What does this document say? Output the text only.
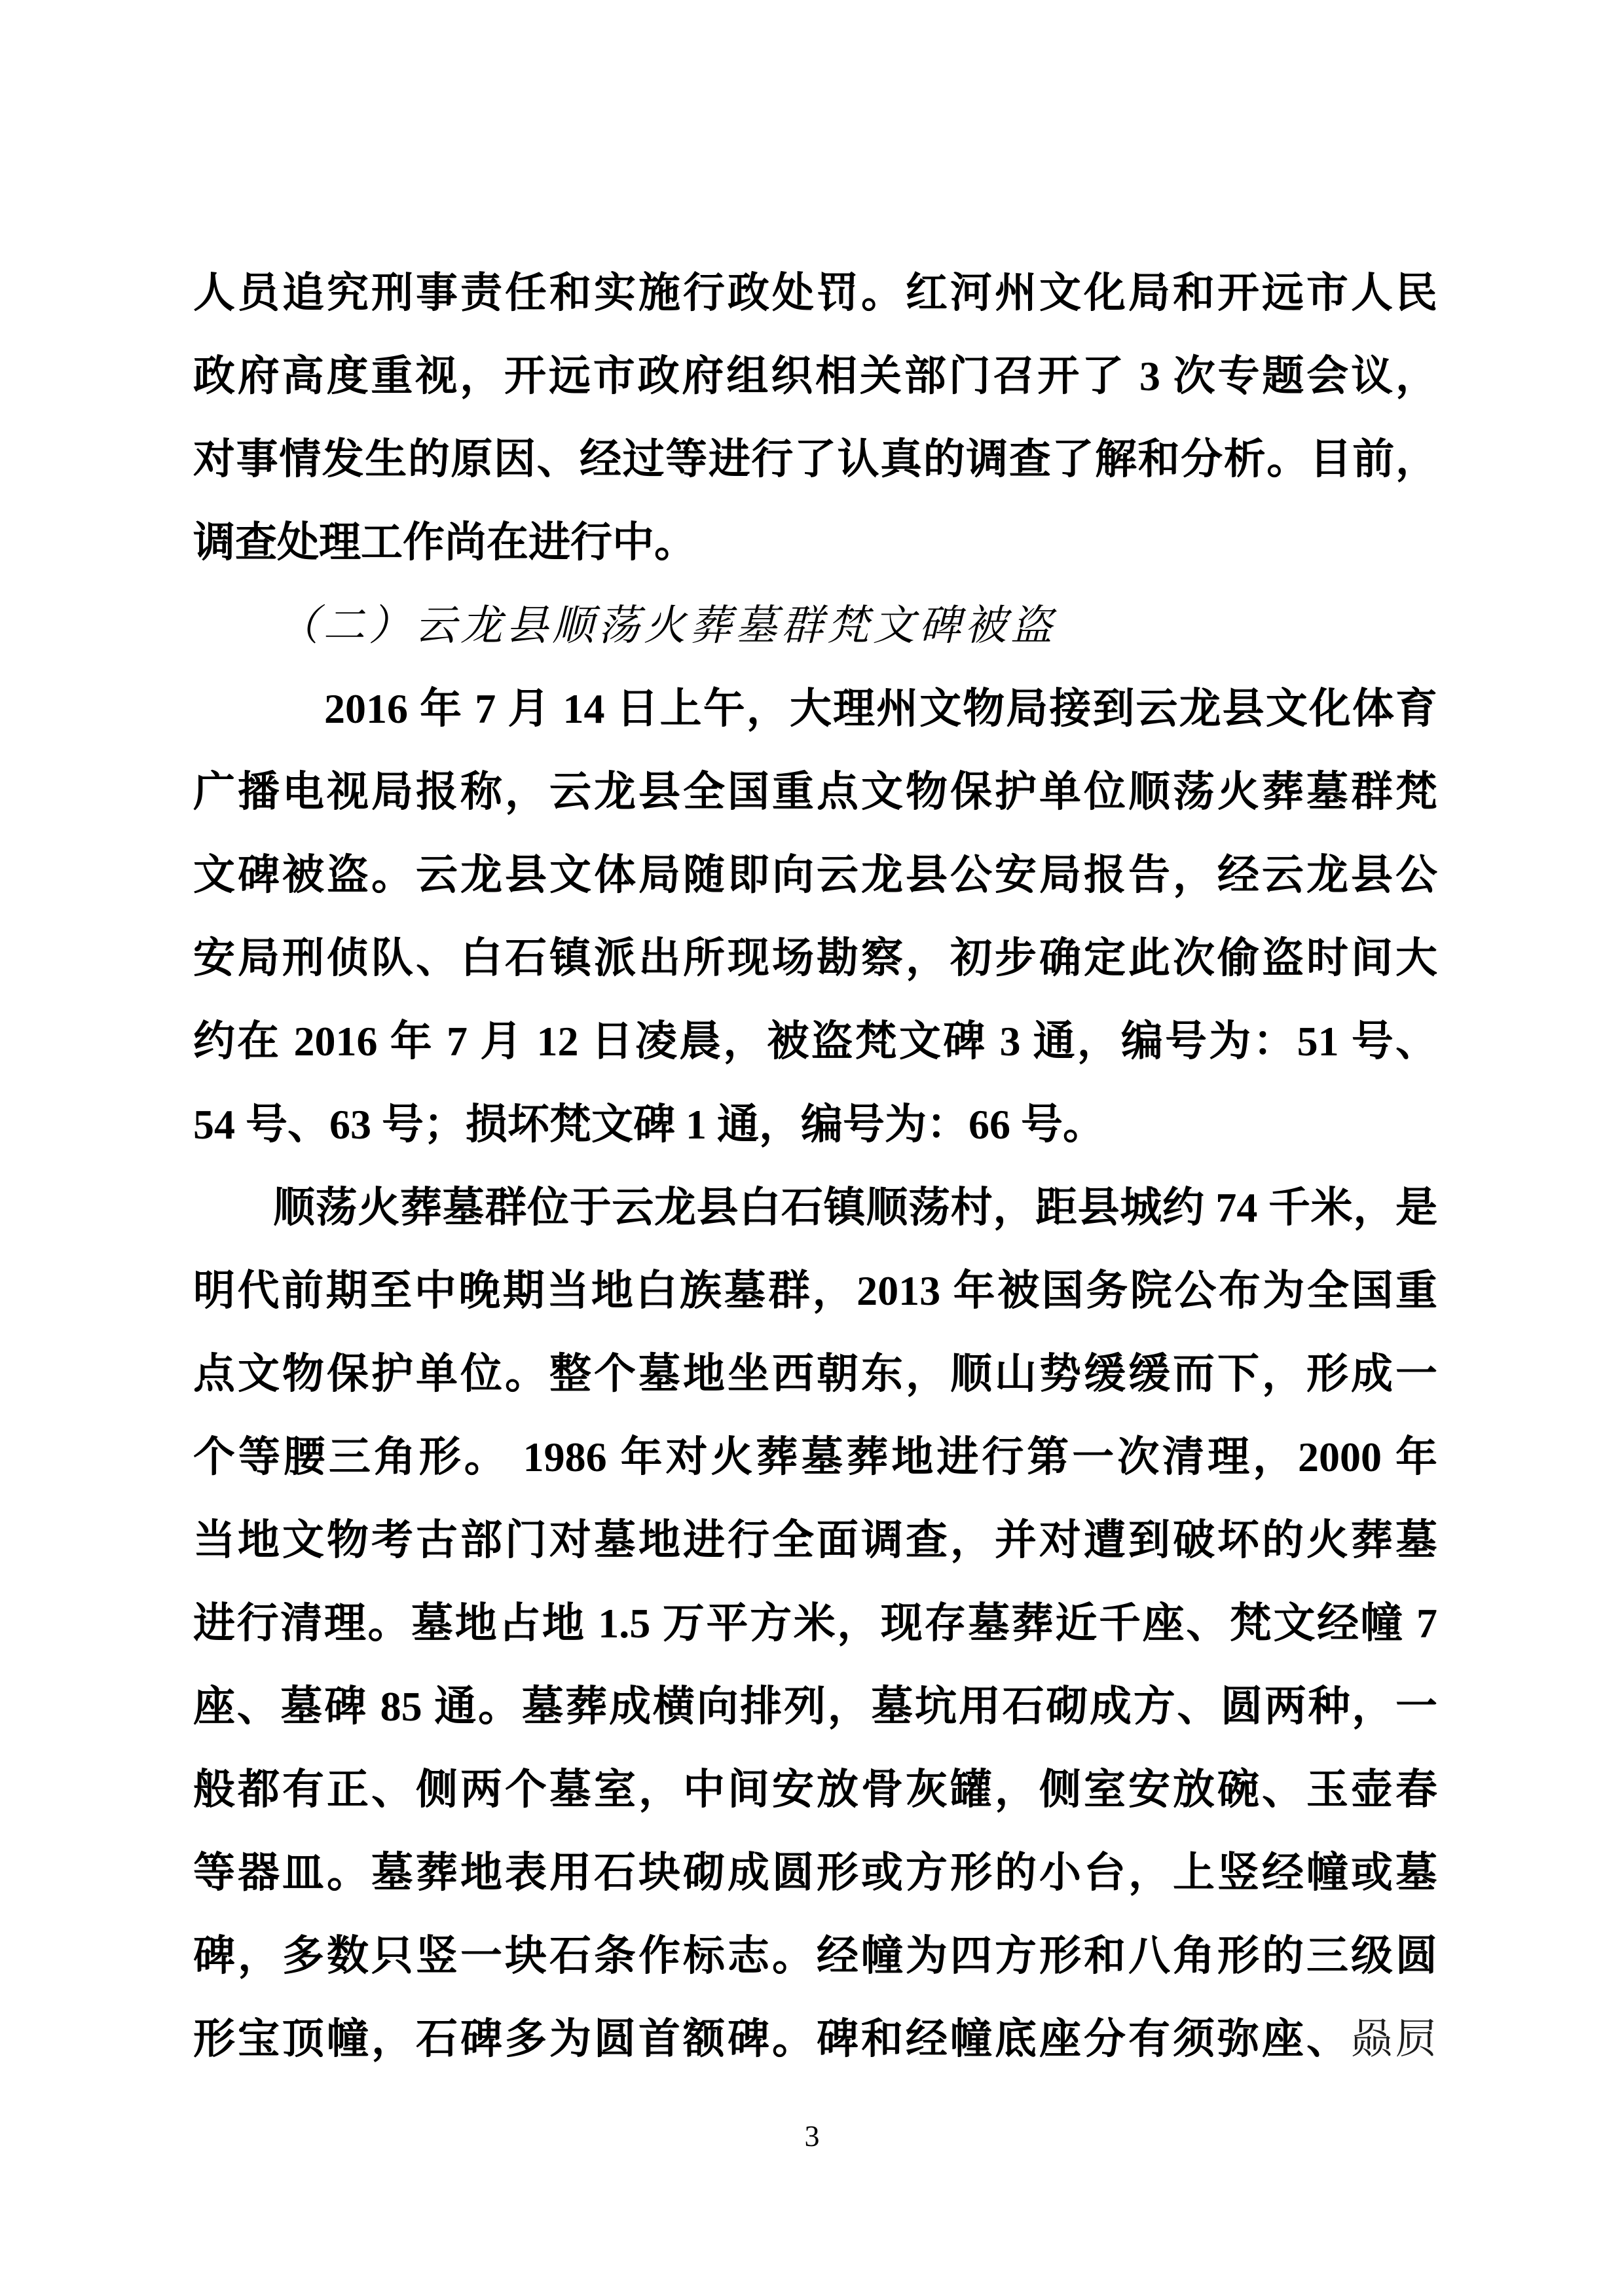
人员追究刑事责任和实施行政处罚。红河州文化局和开远市人民
政府高度重视，开远市政府组织相关部门召开了 3 次专题会议，
对事情发生的原因、经过等进行了认真的调查了解和分析。目前，
调查处理工作尚在进行中。
（二）云龙县顺荡火葬墓群梵文碑被盗
2016 年 7 月 14 日上午，大理州文物局接到云龙县文化体育
广播电视局报称，云龙县全国重点文物保护单位顺荡火葬墓群梵
文碑被盗。云龙县文体局随即向云龙县公安局报告，经云龙县公
安局刑侦队、白石镇派出所现场勘察，初步确定此次偷盗时间大
约在 2016 年 7 月 12 日凌晨，被盗梵文碑 3 通，编号为：51 号、
54 号、63 号；损坏梵文碑 1 通，编号为：66 号。
顺荡火葬墓群位于云龙县白石镇顺荡村，距县城约 74 千米，是
明代前期至中晚期当地白族墓群，2013 年被国务院公布为全国重
点文物保护单位。整个墓地坐西朝东，顺山势缓缓而下，形成一
个等腰三角形。 1986 年对火葬墓葬地进行第一次清理，2000 年
当地文物考古部门对墓地进行全面调查，并对遭到破坏的火葬墓
进行清理。墓地占地 1.5 万平方米，现存墓葬近千座、梵文经幢 7
座、墓碑 85 通。墓葬成横向排列，墓坑用石砌成方、圆两种，一
般都有正、侧两个墓室，中间安放骨灰罐，侧室安放碗、玉壶春
等器皿。墓葬地表用石块砌成圆形或方形的小台，上竖经幢或墓
碑，多数只竖一块石条作标志。经幢为四方形和八角形的三级圆
形宝顶幢，石碑多为圆首额碑。碑和经幢底座分有须弥座、赑屃
3
